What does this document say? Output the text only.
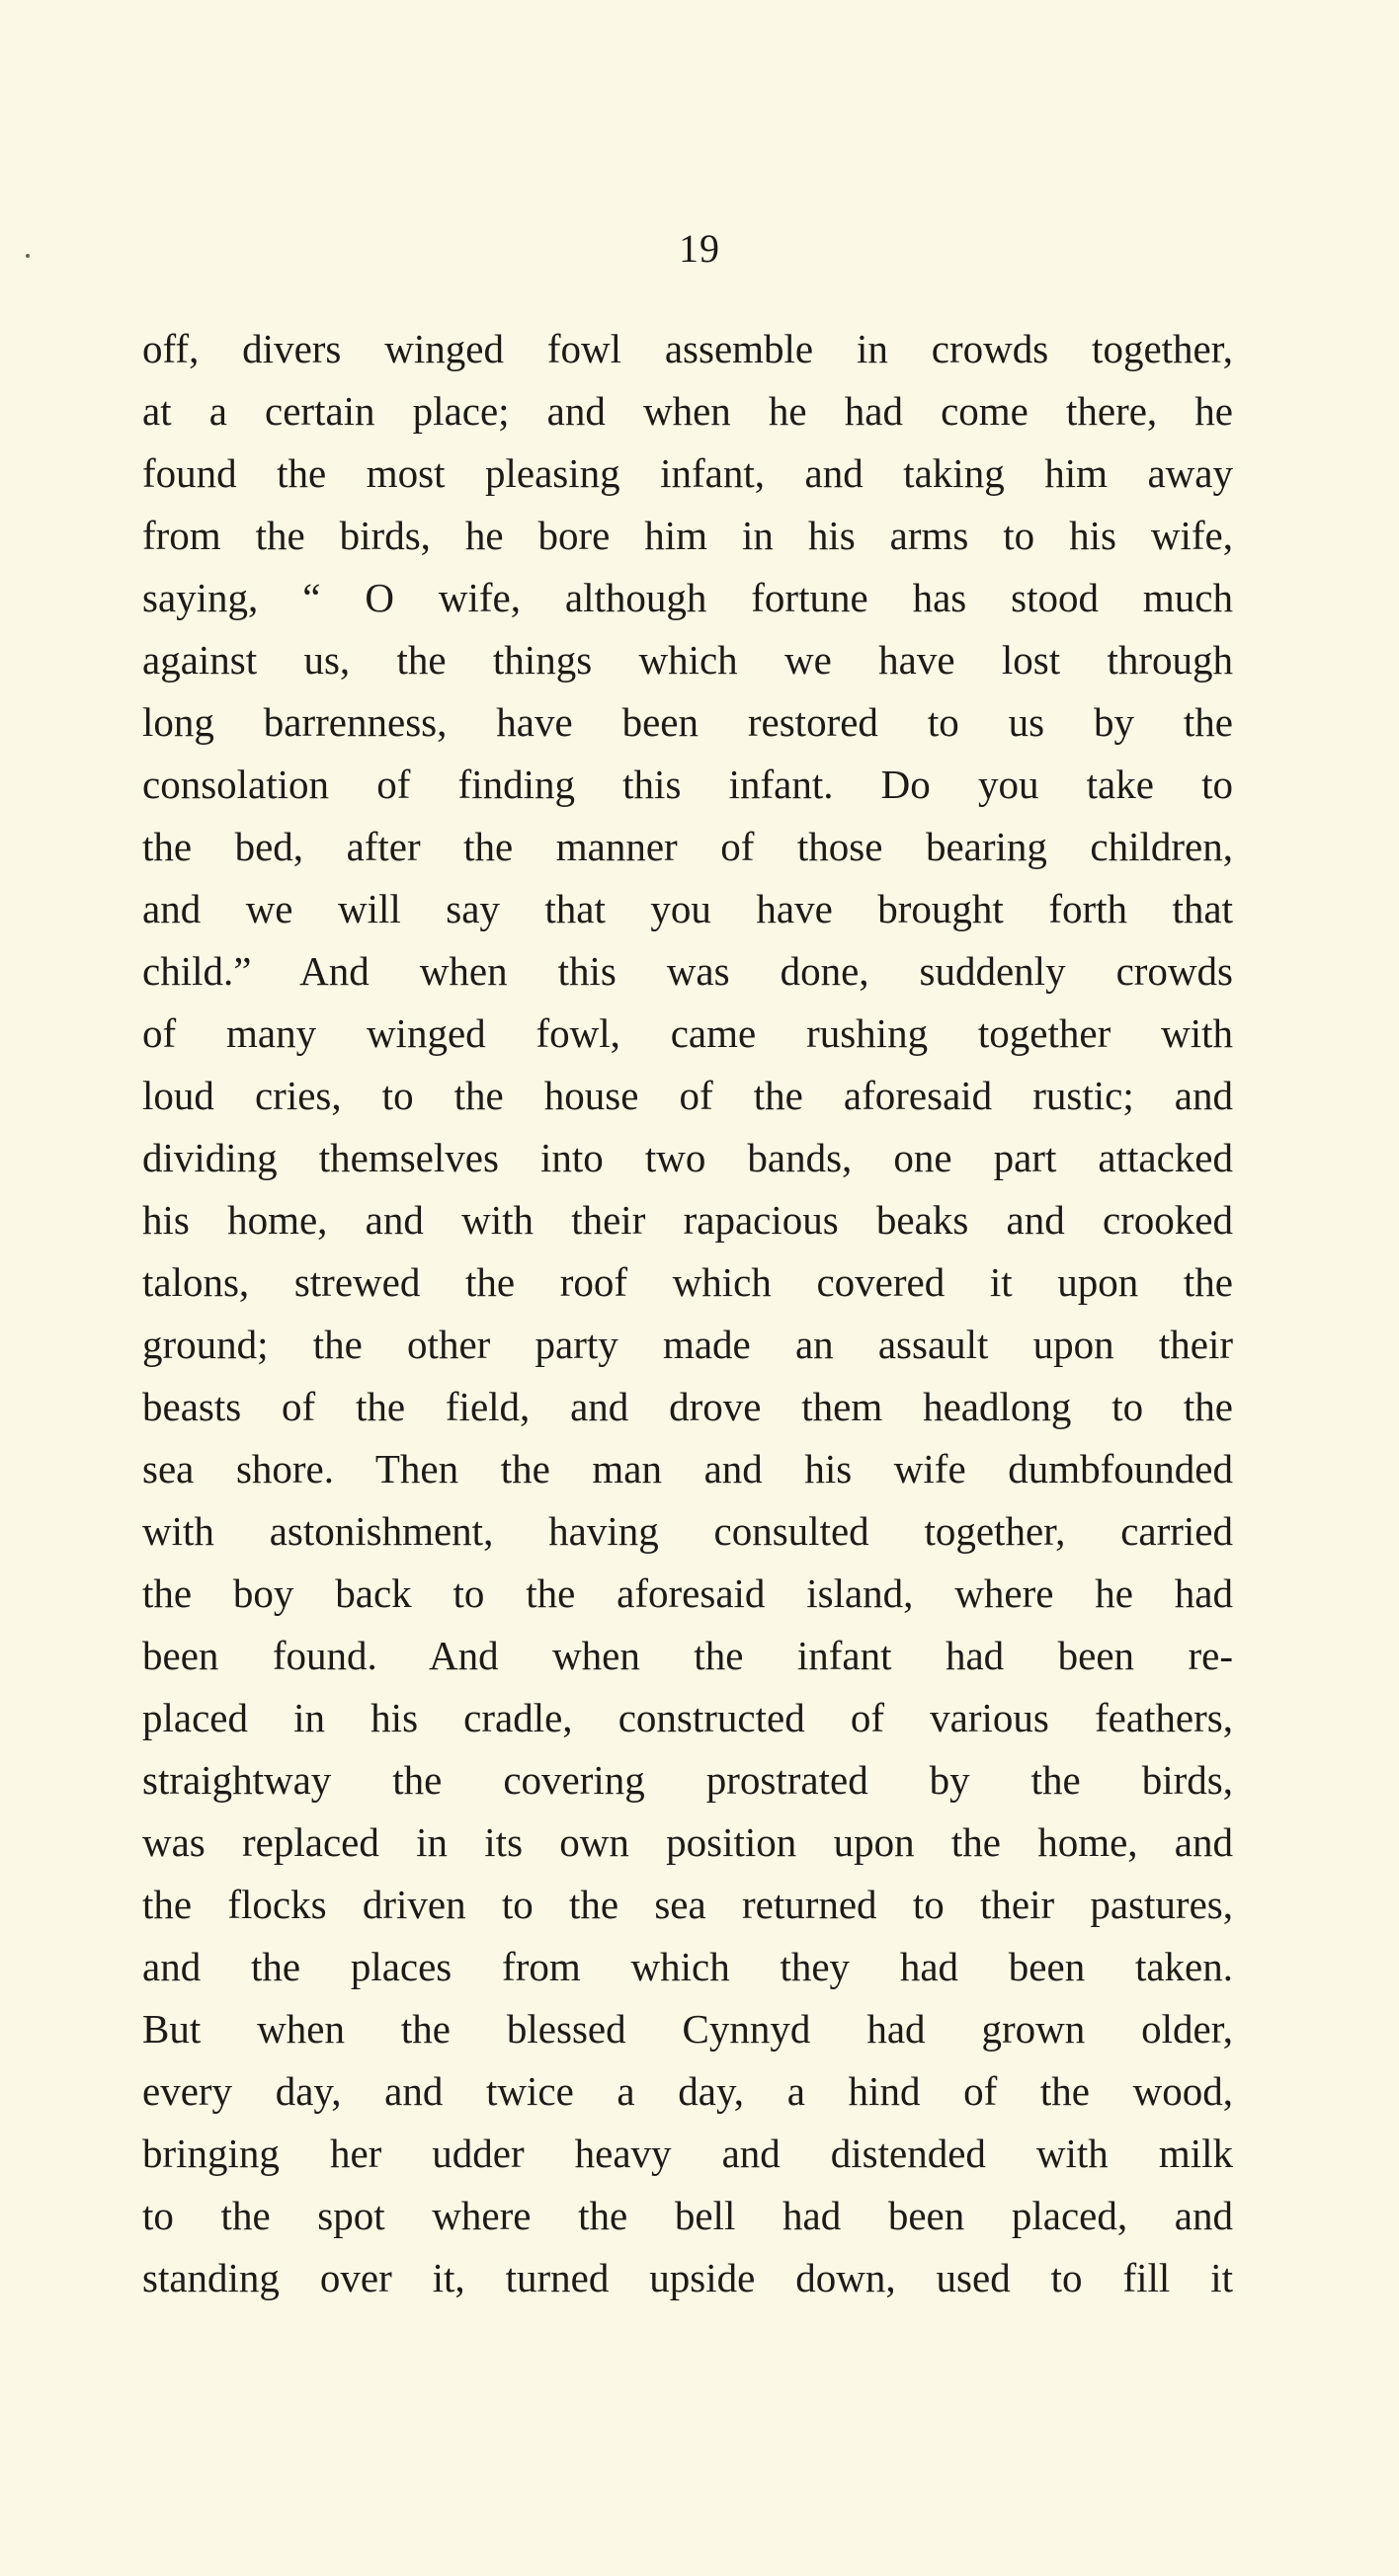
19
off, divers winged fowl assemble in crowds together,
at a certain place; and when he had come there, he
found the most pleasing infant, and taking him away
from the birds, he bore him in his arms to his wife,
saying, “ O wife, although fortune has stood much
against us, the things which we have lost through
long barrenness, have been restored to us by the
consolation of finding this infant. Do you take to
the bed, after the manner of those bearing children,
and we will say that you have brought forth that
child.” And when this was done, suddenly crowds
of many winged fowl, came rushing together with
loud cries, to the house of the aforesaid rustic; and
dividing themselves into two bands, one part attacked
his home, and with their rapacious beaks and crooked
talons, strewed the roof which covered it upon the
ground; the other party made an assault upon their
beasts of the field, and drove them headlong to the
sea shore. Then the man and his wife dumbfounded
with astonishment, having consulted together, carried
the boy back to the aforesaid island, where he had
been found. And when the infant had been re-
placed in his cradle, constructed of various feathers,
straightway the covering prostrated by the birds,
was replaced in its own position upon the home, and
the flocks driven to the sea returned to their pastures,
and the places from which they had been taken.
But when the blessed Cynnyd had grown older,
every day, and twice a day, a hind of the wood,
bringing her udder heavy and distended with milk
to the spot where the bell had been placed, and
standing over it, turned upside down, used to fill it
